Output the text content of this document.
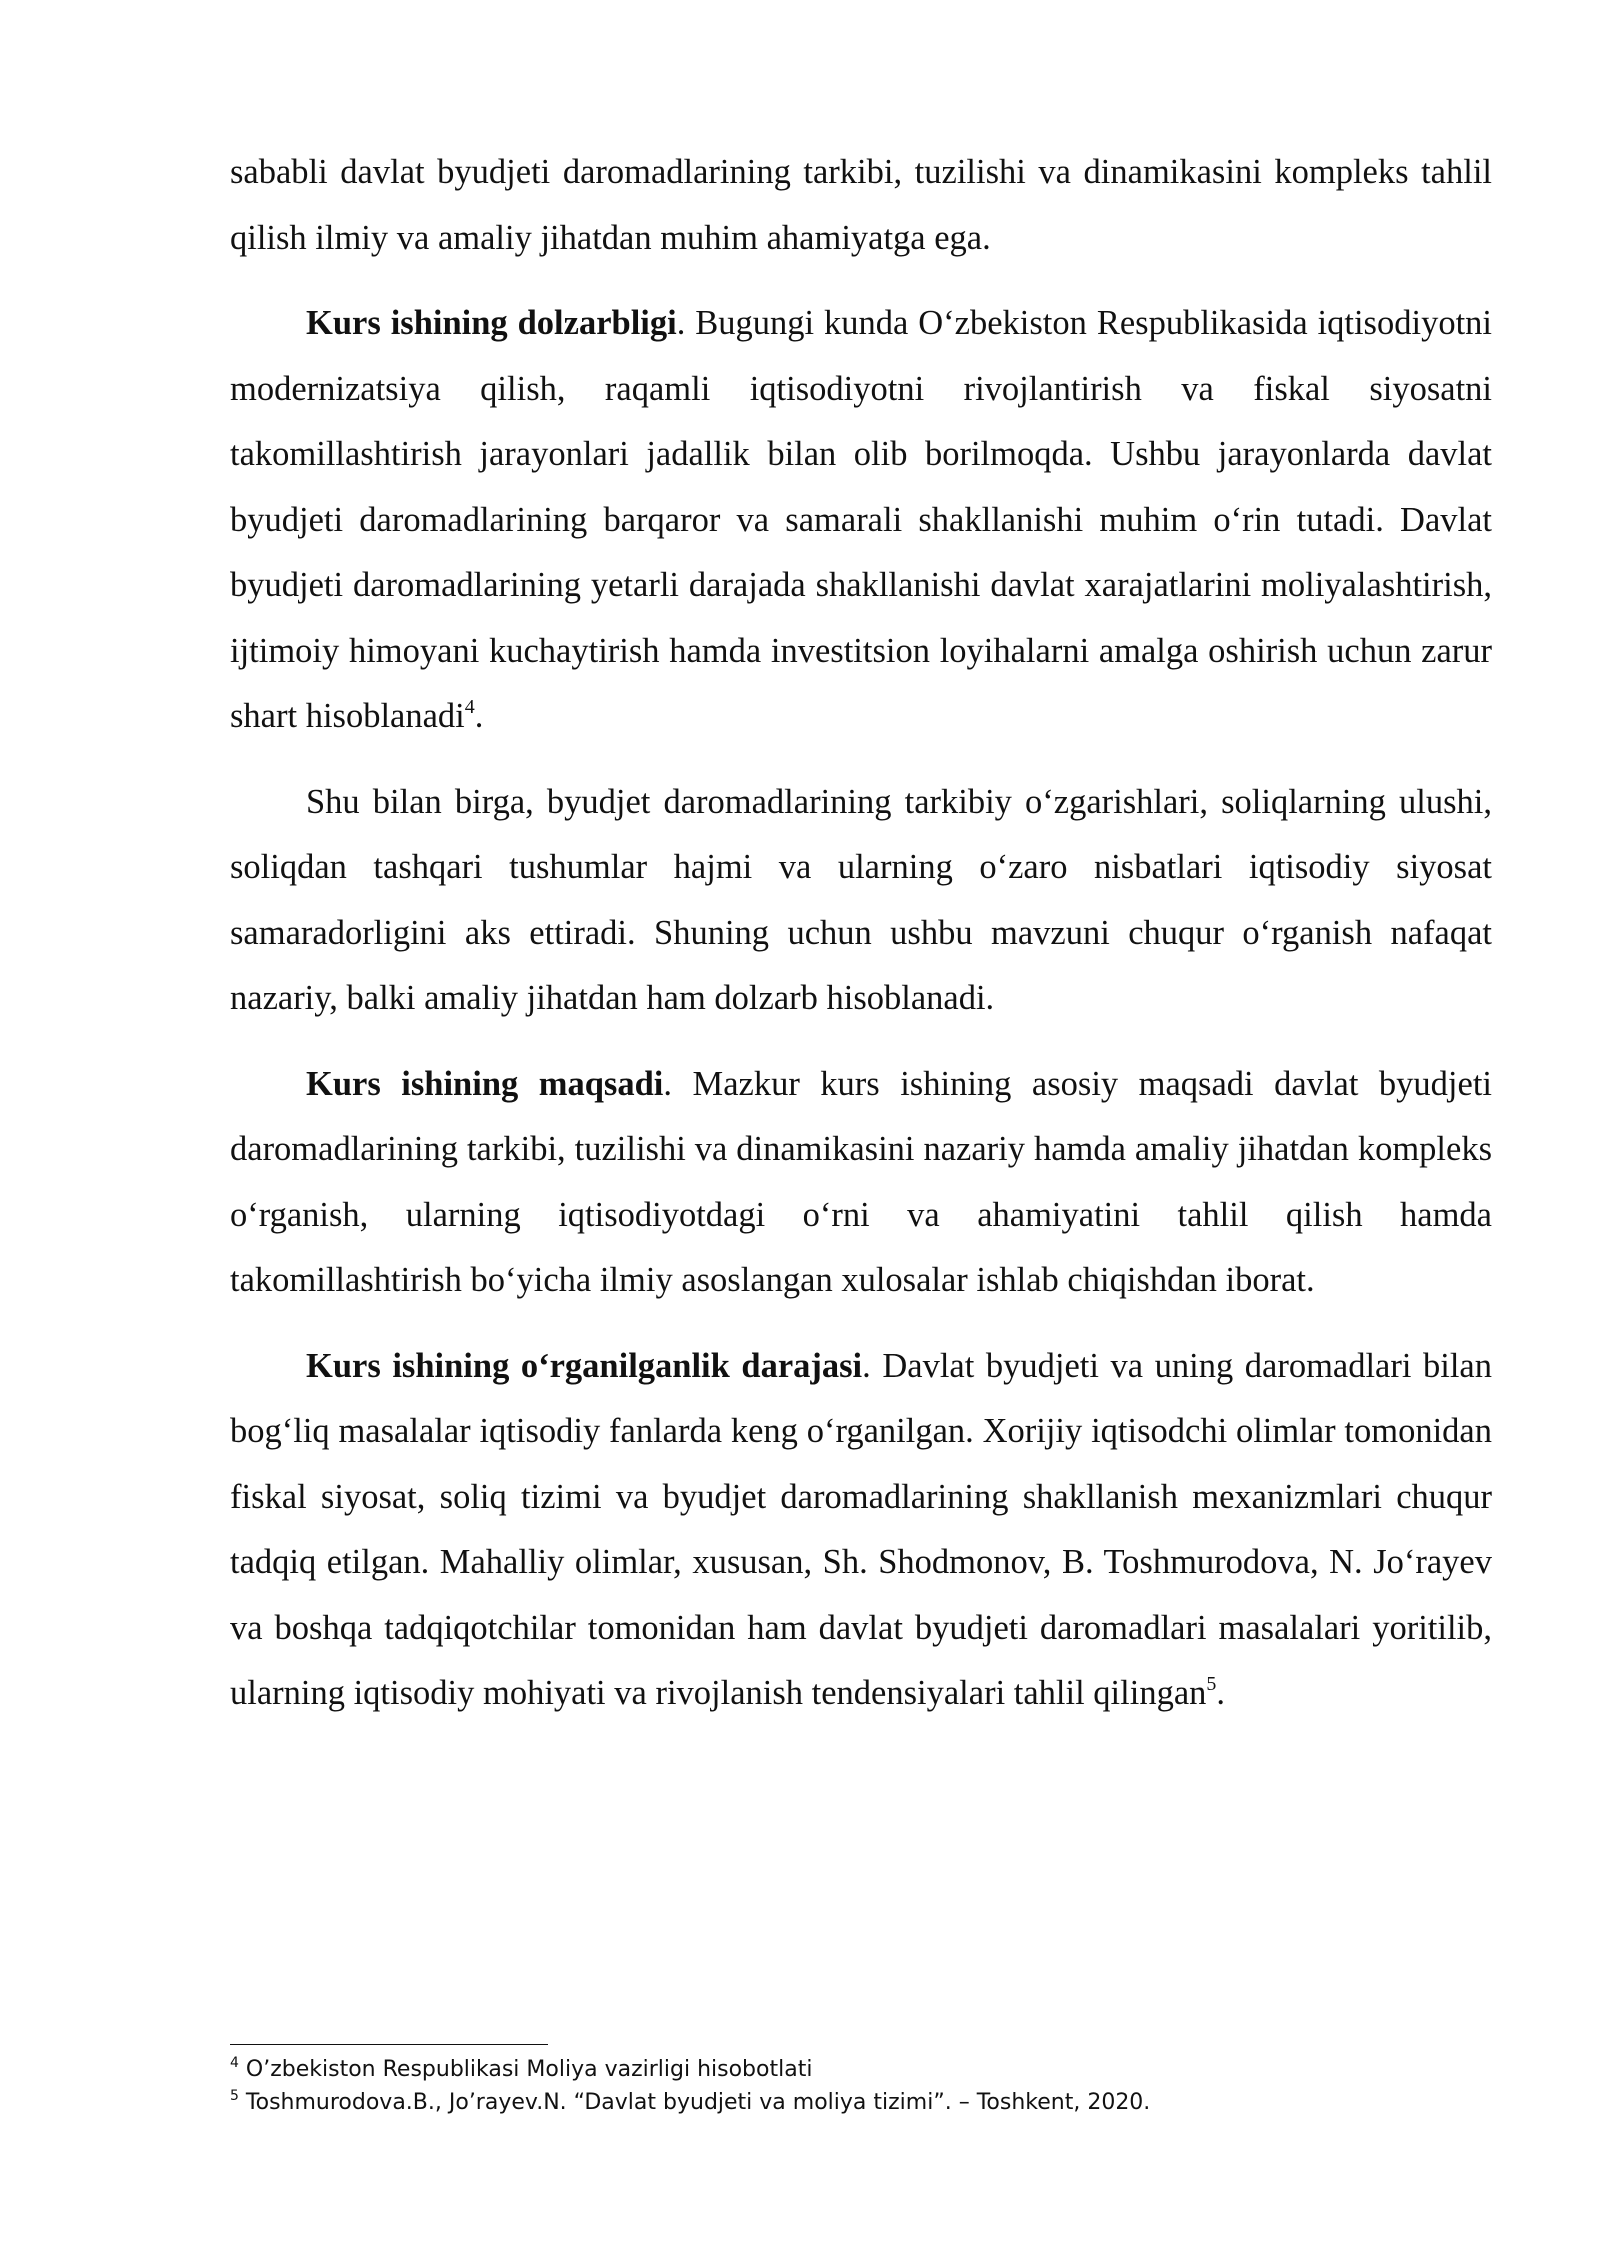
sababli davlat byudjeti daromadlarining tarkibi, tuzilishi va dinamikasini kompleks tahlil qilish ilmiy va amaliy jihatdan muhim ahamiyatga ega.

Kurs ishining dolzarbligi. Bugungi kunda O‘zbekiston Respublikasida iqtisodiyotni modernizatsiya qilish, raqamli iqtisodiyotni rivojlantirish va fiskal siyosatni takomillashtirish jarayonlari jadallik bilan olib borilmoqda. Ushbu jarayonlarda davlat byudjeti daromadlarining barqaror va samarali shakllanishi muhim o‘rin tutadi. Davlat byudjeti daromadlarining yetarli darajada shakllanishi davlat xarajatlarini moliyalashtirish, ijtimoiy himoyani kuchaytirish hamda investitsion loyihalarni amalga oshirish uchun zarur shart hisoblanadi$^4$.

Shu bilan birga, byudjet daromadlarining tarkibiy o‘zgarishlari, soliqlarning ulushi, soliqdan tashqari tushumlar hajmi va ularning o‘zaro nisbatlari iqtisodiy siyosat samaradorligini aks ettiradi. Shuning uchun ushbu mavzuni chuqur o‘rganish nafaqat nazariy, balki amaliy jihatdan ham dolzarb hisoblanadi.

Kurs ishining maqsadi. Mazkur kurs ishining asosiy maqsadi davlat byudjeti daromadlarining tarkibi, tuzilishi va dinamikasini nazariy hamda amaliy jihatdan kompleks o‘rganish, ularning iqtisodiyotdagi o‘rni va ahamiyatini tahlil qilish hamda takomillashtirish bo‘yicha ilmiy asoslangan xulosalar ishlab chiqishdan iborat.

Kurs ishining o‘rganilganlik darajasi. Davlat byudjeti va uning daromadlari bilan bog‘liq masalalar iqtisodiy fanlarda keng o‘rganilgan. Xorijiy iqtisodchi olimlar tomonidan fiskal siyosat, soliq tizimi va byudjet daromadlarining shakllanish mexanizmlari chuqur tadqiq etilgan. Mahalliy olimlar, xususan, Sh. Shodmonov, B. Toshmurodova, N. Jo‘rayev va boshqa tadqiqotchilar tomonidan ham davlat byudjeti daromadlari masalalari yoritilib, ularning iqtisodiy mohiyati va rivojlanish tendensiyalari tahlil qilingan$^5$.

$^4$ O’zbekiston Respublikasi Moliya vazirligi hisobotlati
$^5$ Toshmurodova.B., Jo’rayev.N. “Davlat byudjeti va moliya tizimi”. – Toshkent, 2020.
